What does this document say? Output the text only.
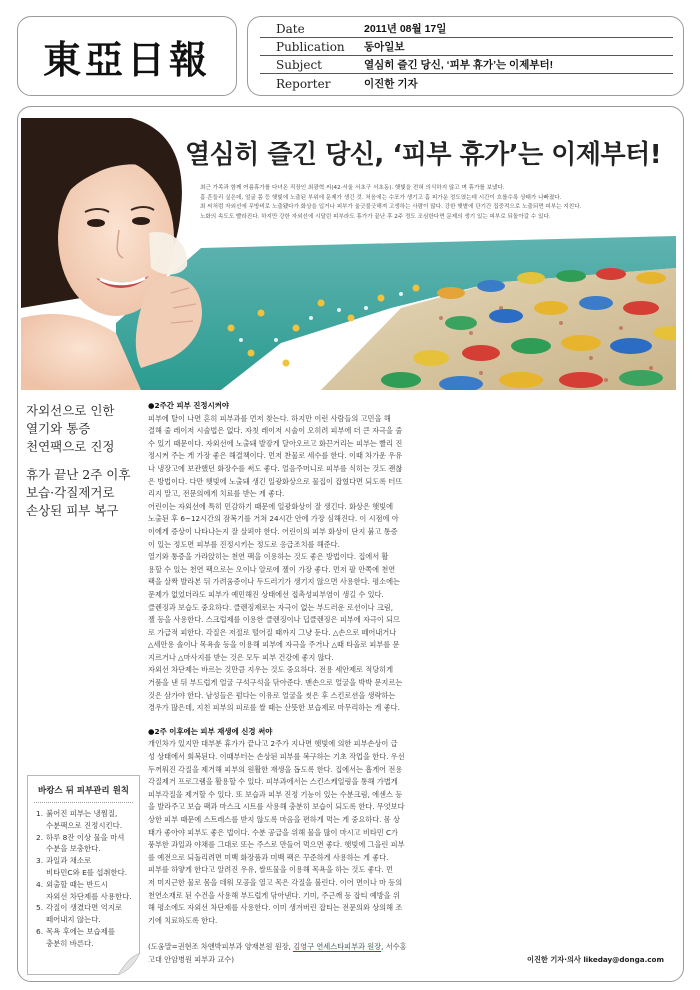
東亞日報
Date	2011년 08월 17일
Publication	동아일보
Subject	열심히 즐긴 당신, ‘피부 휴가’는 이제부터!
Reporter	이진한 기자
열심히 즐긴 당신, ‘피부 휴가’는 이제부터!

최근 가족과 함께 여름휴가를 다녀온 직장인 최광혁 씨(42·서울 서초구 서초동). 햇빛을 전혀 의식하지 않고 며 휴가를 보냈다.

흠 흔들리 싶은데, 얼굴 몸 등 햇빛에 노출된 부위에 문제가 생긴 것. 처음에는 수포가 생기고 흠 피가운 정도였는데 시간이 흐를수록 상태가 나빠졌다.

최 씨처럼 자외선에 무방비로 노출됐다가 화상을 입거나 피부가 울긋불긋해져 고생하는 사람이 많다. 강한 햇볕에 단기간 집중적으로 노출되면 피부는 지친다.

노화의 속도도 빨라진다. 하지만 강한 자외선에 시달린 피부라도 휴가가 끝난 후 2주 정도 조심한다면 문제의 생기 있는 피부로 되돌아갈 수 있다.

자외선으로 인한
열기와 통증
천연팩으로 진정
휴가 끝난 2주 이후
보습·각질제거로
손상된 피부 복구

●2주간 피부 진정시켜야

피부에 탈이 나면 흔히 피부과를 먼저 찾는다. 하지만 이런 사람들의 고민을 해

결해 줄 레이저 시술법은 없다. 자칫 레이저 시술이 오히려 피부에 더 큰 자극을 줄

수 있기 때문이다. 자외선에 노출돼 발갛게 달아오르고 화끈거리는 피부는 빨리 진

정시켜 주는 게 가장 좋은 해결책이다. 먼저 찬물로 세수를 한다. 이때 차가운 우유

나 냉장고에 보관했던 화장수를 써도 좋다. 얼음주머니로 피부를 식히는 것도 괜찮

은 방법이다. 다만 햇빛에 노출돼 생긴 일광화상으로 물집이 잡혔다면 되도록 터뜨

리지 말고, 전문의에게 치료를 받는 게 좋다.

어린이는 자외선에 특히 민감하기 때문에 일광화상이 잘 생긴다. 화상은 햇빛에

노출된 후 6~12시간의 잠복기를 거쳐 24시간 안에 가장 심해진다. 이 시점에 아

이에게 증상이 나타나는지 잘 살펴야 한다. 어린이의 피부 화상이 단지 붉고 통증

이 있는 정도면 피부를 진정시키는 정도로 응급조치를 해준다.

열기와 통증을 가라앉히는 천연 팩을 이용하는 것도 좋은 방법이다. 집에서 활

용할 수 있는 천연 팩으로는 오이나 알로에 젤이 가장 좋다. 먼저 팔 안쪽에 천연

팩을 살짝 발라본 뒤 가려움증이나 두드러기가 생기지 않으면 사용한다. 평소에는

문제가 없었더라도 피부가 예민해진 상태에선 접촉성피부염이 생길 수 있다.

클렌징과 보습도 중요하다. 클렌징제로는 자극이 없는 부드러운 로션이나 크림,

젤 등을 사용한다. 스크럽제를 이용한 클렌징이나 딥클렌징은 피부에 자극이 되므

로 가급적 피한다. 각질은 저절로 떨어질 때까지 그냥 둔다. △손으로 떼어내거나

△세안용 솔이나 목욕솔 등을 이용해 피부에 자극을 주거나 △때 타올로 피부를 문

지르거나 △마사지를 받는 것은 모두 피부 건강에 좋지 않다.

자외선 차단제는 바르는 것만큼 지우는 것도 중요하다. 전용 세안제로 적당히게

거품을 낸 뒤 부드럽게 얼굴 구석구석을 닦아준다. 맨손으로 얼굴을 박박 문지르는

것은 삼가야 한다. 남성들은 펌다는 이유로 얼굴을 씻은 후 스킨로션을 생략하는

경우가 많은데, 지친 피부의 피로를 쌀 때는 산뜻한 보습제로 마무리하는 게 좋다.

●2주 이후에는 피부 재생에 신경 써야

개인차가 있지만 대부분 휴가가 끝나고 2주가 지나면 햇빛에 의한 피부손상이 급

성 상태에서 회복된다. 이때부터는 손상된 피부를 복구하는 기초 작업을 한다. 우선

두꺼워진 각질을 제거해 피부의 원활한 재생을 돕도록 한다. 집에서는 흡게어 전용

각질제거 프로그램을 활용할 수 있다. 피부과에서는 스킨스케일링을 통해 가볍게

피부각질을 제거할 수 있다. 또 보습과 피부 진정 기능이 있는 수분크림, 에센스 등

을 발라주고 보습 팩과 마스크 시트를 사용해 충분히 보습이 되도록 한다. 무엇보다

상한 피부 때문에 스트레스를 받지 않도록 마음을 편하게 먹는 게 중요하다. 몸 상

태가 좋아야 피부도 좋은 법이다. 수분 공급을 위해 물을 많이 마시고 비타민 C가

풍부한 과일과 야채를 그대로 또는 주스로 만들어 먹으면 좋다. 햇빛에 그을린 피부

를 예전으로 되돌리려면 미백 화장품과 미백 팩은 꾸준하게 사용하는 게 좋다.

피부를 하얗게 한다고 알려진 우유, 쌀뜨물을 이용해 목욕을 하는 것도 좋다. 먼

저 미지근한 물로 몸을 데워 모공을 열고 목은 각질을 불린다. 이어 면이나 마 등의

천연소재로 된 수건을 사용해 부드럽게 닦아낸다. 기미, 주근깨 등 잡티 예방을 위

해 평소에도 자외선 차단제를 사용한다. 이미 생겨버린 잡티는 전문의와 상의해 조

기에 치료하도록 한다.

(도움말=권현조 차앤박피부과 양재본원 원장, 김영구 연세스타피부과 원장, 서수홍

고대 안암병원 피부과 교수)	이진한 기자·의사 likeday@donga.com
바캉스 뒤 피부관리 원칙
1. 붉어진 피부는 냉찜질,
수분팩으로 진정시킨다.
2. 하루 8잔 이상 물을 마셔
수분을 보충한다.
3. 과일과 채소로
비타민C와 E를 섭취한다.
4. 외출할 때는 반드시
자외선 차단제를 사용한다.
5. 각질이 생겼다면 억지로
떼어내지 않는다.
6. 목욕 후에는 보습제를
충분히 바른다.
